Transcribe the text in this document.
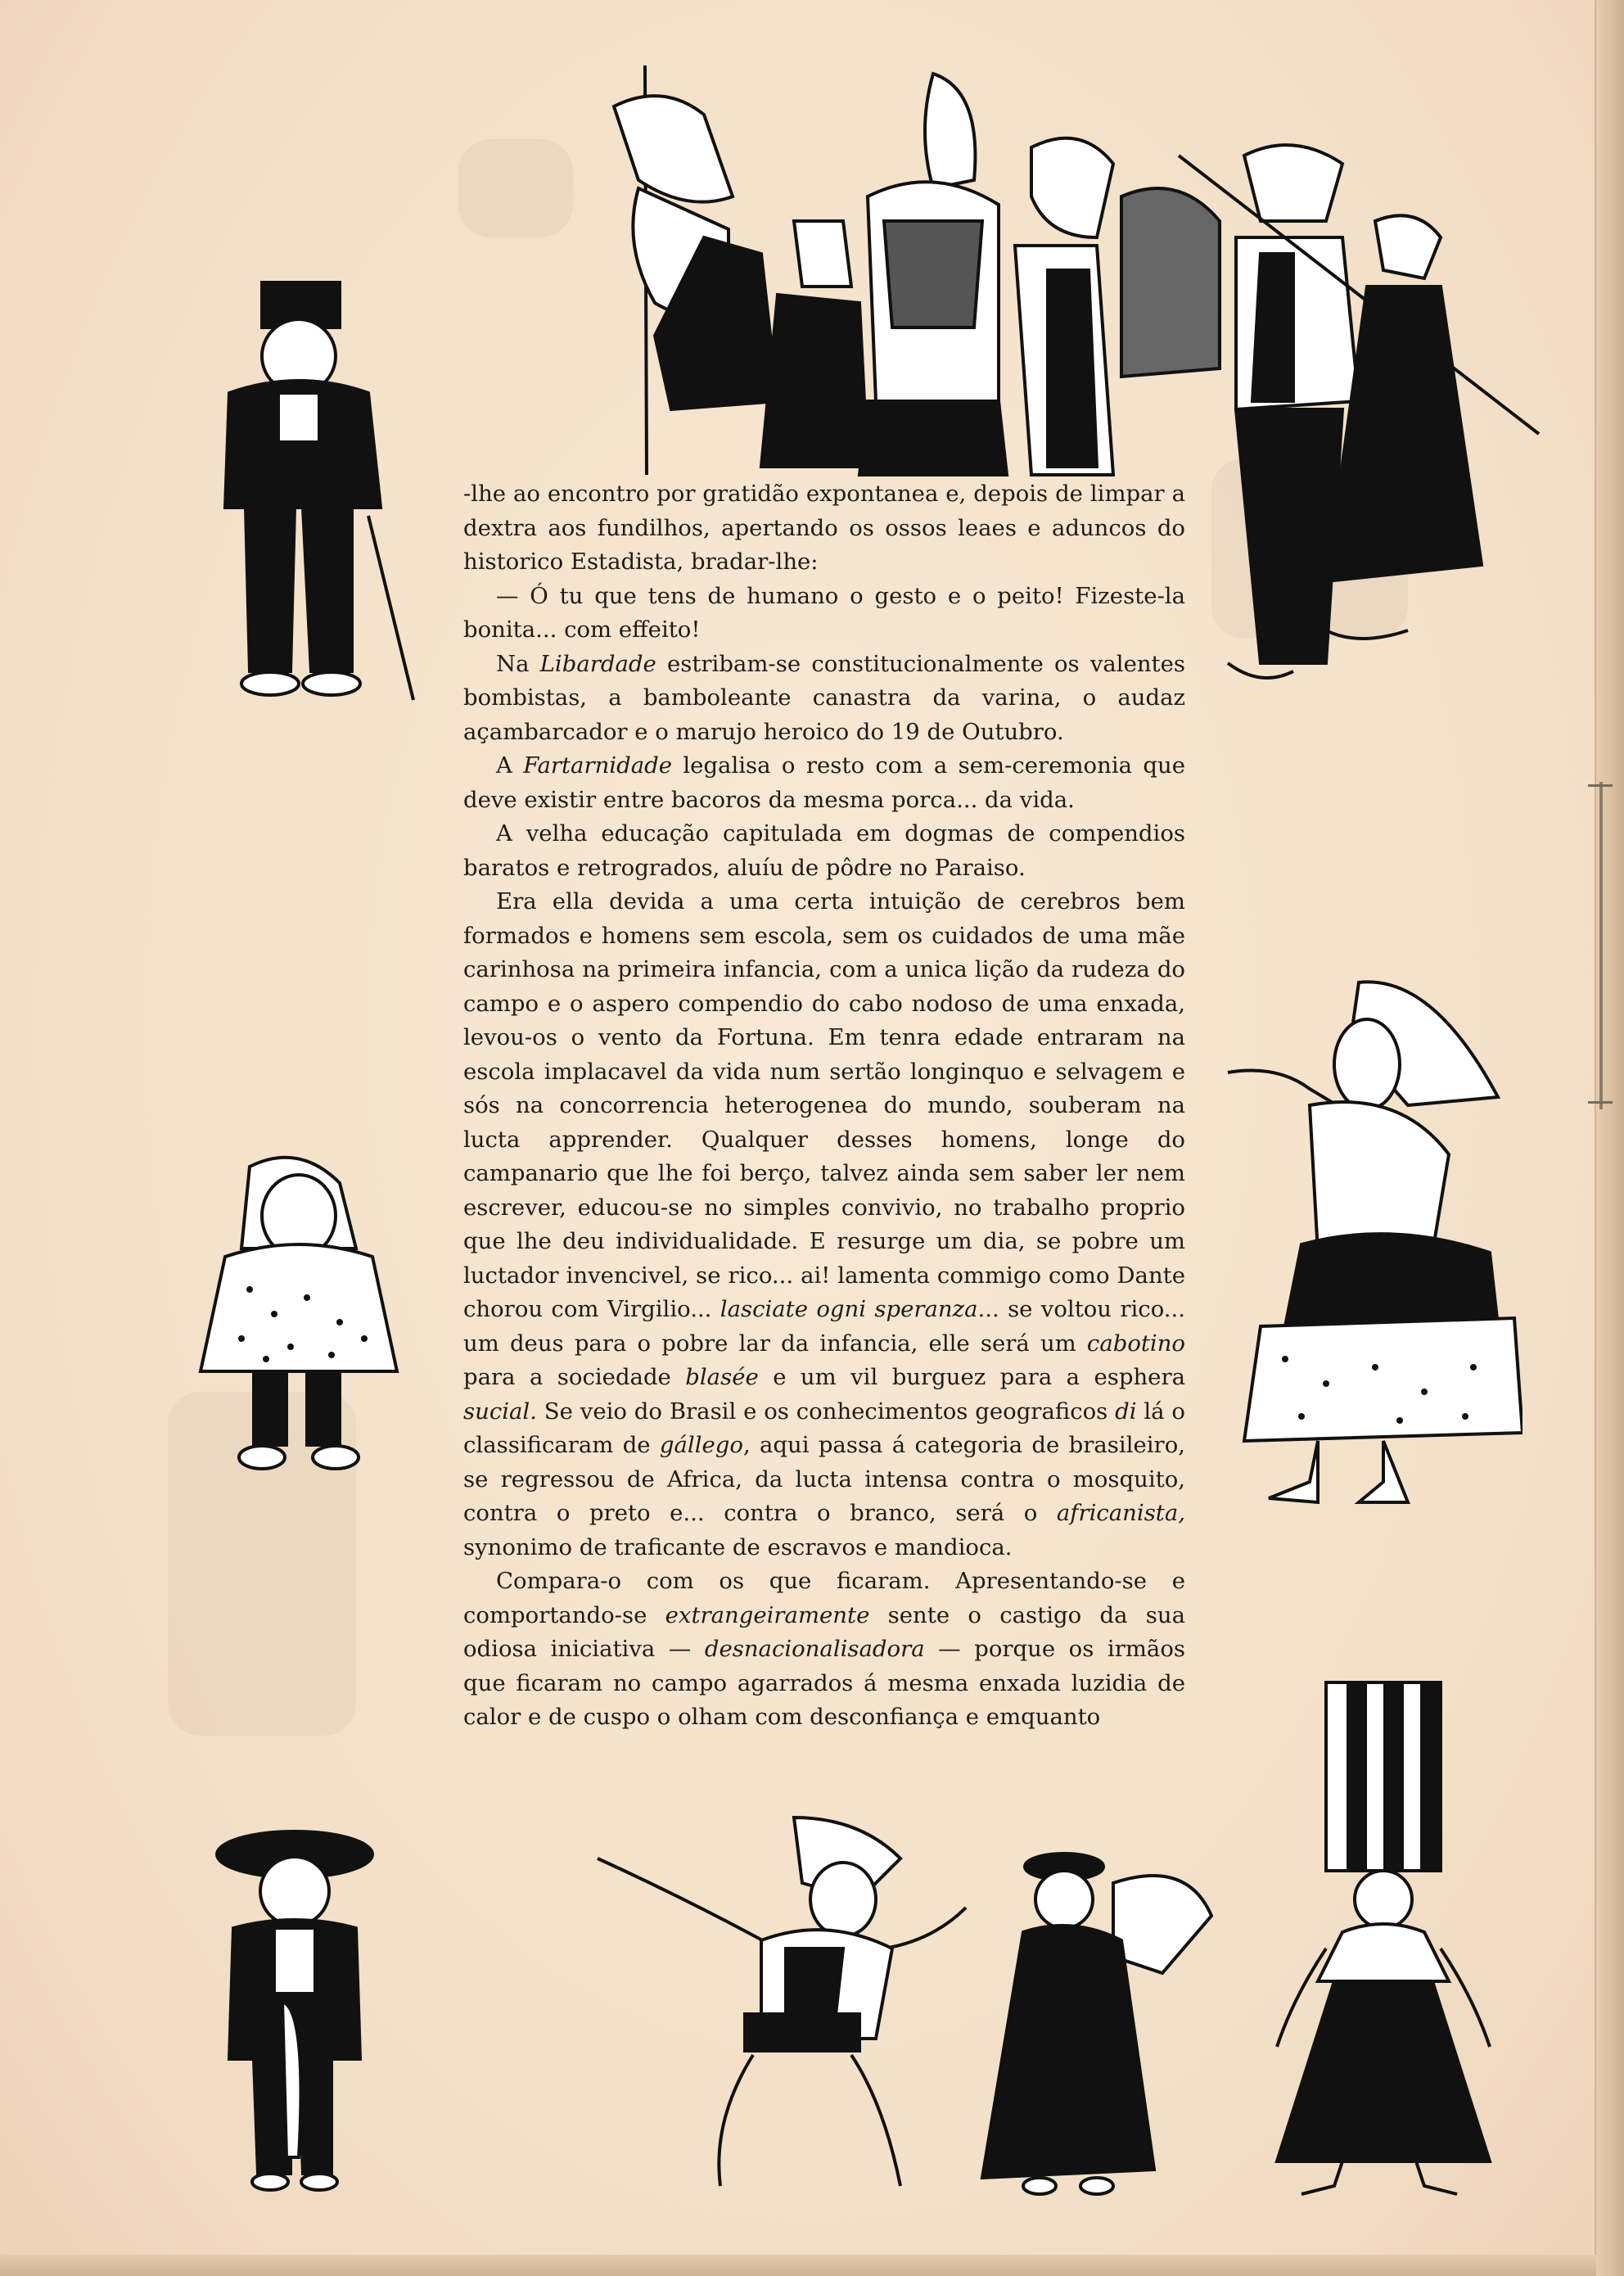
-lhe ao encontro por gratidão expontanea e, depois de limpar a dextra aos fundilhos, apertando os ossos leaes e aduncos do historico Estadista, bradar-lhe:

— Ó tu que tens de humano o gesto e o peito! Fizeste-la bonita... com effeito!

Na Libardade estribam-se constitucionalmente os valentes bombistas, a bamboleante canastra da varina, o audaz açambarcador e o marujo heroico do 19 de Outubro.

A Fartarnidade legalisa o resto com a sem-ceremonia que deve existir entre bacoros da mesma porca... da vida.

A velha educação capitulada em dogmas de compendios baratos e retrogrados, aluíu de pôdre no Paraiso.

Era ella devida a uma certa intuição de cerebros bem formados e homens sem escola, sem os cuidados de uma mãe carinhosa na primeira infancia, com a unica lição da rudeza do campo e o aspero compendio do cabo nodoso de uma enxada, levou-os o vento da Fortuna. Em tenra edade entraram na escola implacavel da vida num sertão longinquo e selvagem e sós na concorrencia heterogenea do mundo, souberam na lucta apprender. Qualquer desses homens, longe do campanario que lhe foi berço, talvez ainda sem saber ler nem escrever, educou-se no simples convivio, no trabalho proprio que lhe deu individualidade. E resurge um dia, se pobre um luctador invencivel, se rico... ai! lamenta commigo como Dante chorou com Virgilio... lasciate ogni speranza... se voltou rico... um deus para o pobre lar da infancia, elle será um cabotino para a sociedade blasée e um vil burguez para a esphera sucial. Se veio do Brasil e os conhecimentos geograficos di lá o classificaram de gállego, aqui passa á categoria de brasileiro, se regressou de Africa, da lucta intensa contra o mosquito, contra o preto e... contra o branco, será o africanista, synonimo de traficante de escravos e mandioca.

Compara-o com os que ficaram. Apresentando-se e comportando-se extrangeiramente sente o castigo da sua odiosa iniciativa — desnacionalisadora — porque os irmãos que ficaram no campo agarrados á mesma enxada luzidia de calor e de cuspo o olham com desconfiança e emquanto
